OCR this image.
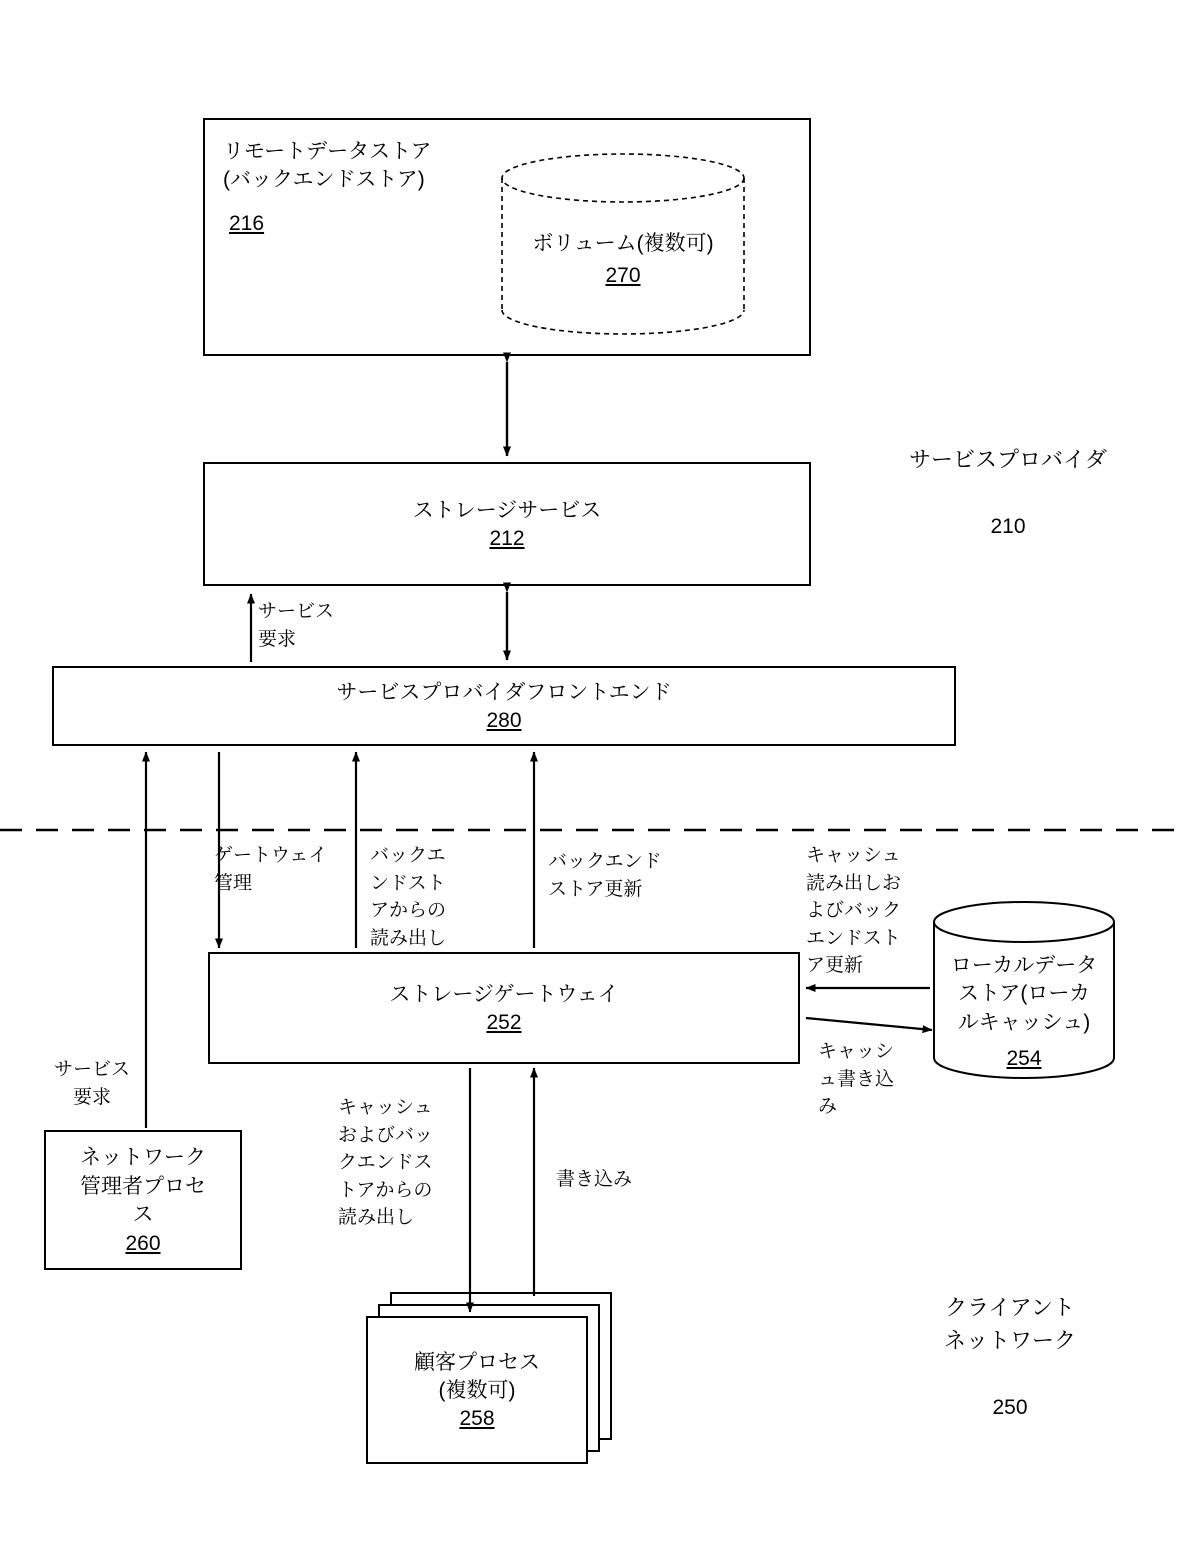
リモートデータストア
(バックエンドストア)
216
ボリューム(複数可)
270
ストレージサービス
212
サービスプロバイダフロントエンド
280
ストレージゲートウェイ
252
ローカルデータ
ストア(ローカ
ルキャッシュ)
254
ネットワーク
管理者プロセ
ス
260
顧客プロセス
(複数可)
258

サービスプロバイダ

210

クライアント
ネットワーク

250

サービス
要求
ゲートウェイ
管理
バックエ
ンドスト
アからの
読み出し
バックエンド
ストア更新
キャッシュ
読み出しお
よびバック
エンドスト
ア更新
キャッシ
ュ書き込
み
サービス
要求	キャッシュ
およびバッ
クエンドス
トアからの
読み出し
書き込み
